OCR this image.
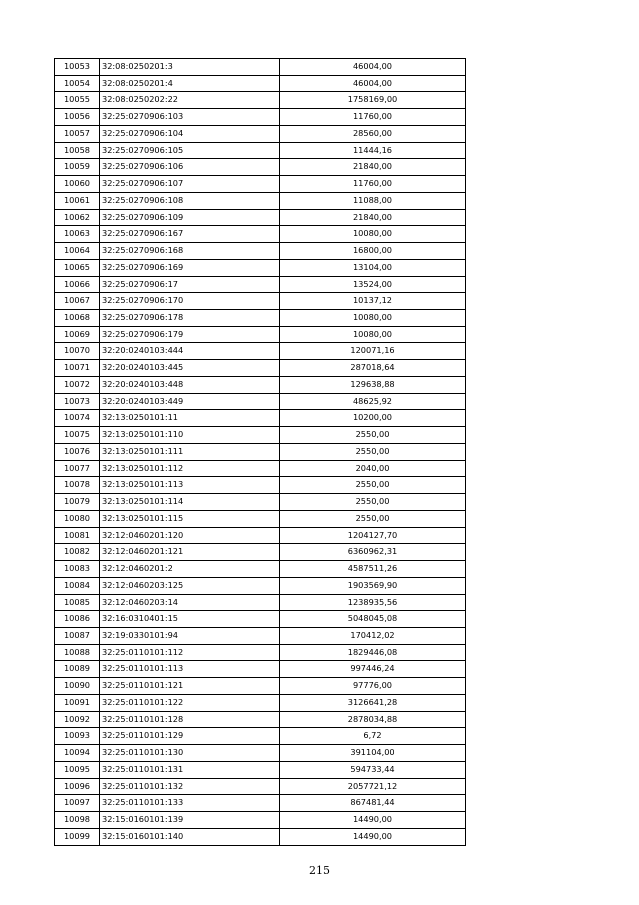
10053	32:08:0250201:3	46004,00
10054	32:08:0250201:4	46004,00
10055	32:08:0250202:22	1758169,00
10056	32:25:0270906:103	11760,00
10057	32:25:0270906:104	28560,00
10058	32:25:0270906:105	11444,16
10059	32:25:0270906:106	21840,00
10060	32:25:0270906:107	11760,00
10061	32:25:0270906:108	11088,00
10062	32:25:0270906:109	21840,00
10063	32:25:0270906:167	10080,00
10064	32:25:0270906:168	16800,00
10065	32:25:0270906:169	13104,00
10066	32:25:0270906:17	13524,00
10067	32:25:0270906:170	10137,12
10068	32:25:0270906:178	10080,00
10069	32:25:0270906:179	10080,00
10070	32:20:0240103:444	120071,16
10071	32:20:0240103:445	287018,64
10072	32:20:0240103:448	129638,88
10073	32:20:0240103:449	48625,92
10074	32:13:0250101:11	10200,00
10075	32:13:0250101:110	2550,00
10076	32:13:0250101:111	2550,00
10077	32:13:0250101:112	2040,00
10078	32:13:0250101:113	2550,00
10079	32:13:0250101:114	2550,00
10080	32:13:0250101:115	2550,00
10081	32:12:0460201:120	1204127,70
10082	32:12:0460201:121	6360962,31
10083	32:12:0460201:2	4587511,26
10084	32:12:0460203:125	1903569,90
10085	32:12:0460203:14	1238935,56
10086	32:16:0310401:15	5048045,08
10087	32:19:0330101:94	170412,02
10088	32:25:0110101:112	1829446,08
10089	32:25:0110101:113	997446,24
10090	32:25:0110101:121	97776,00
10091	32:25:0110101:122	3126641,28
10092	32:25:0110101:128	2878034,88
10093	32:25:0110101:129	6,72
10094	32:25:0110101:130	391104,00
10095	32:25:0110101:131	594733,44
10096	32:25:0110101:132	2057721,12
10097	32:25:0110101:133	867481,44
10098	32:15:0160101:139	14490,00
10099	32:15:0160101:140	14490,00
215
